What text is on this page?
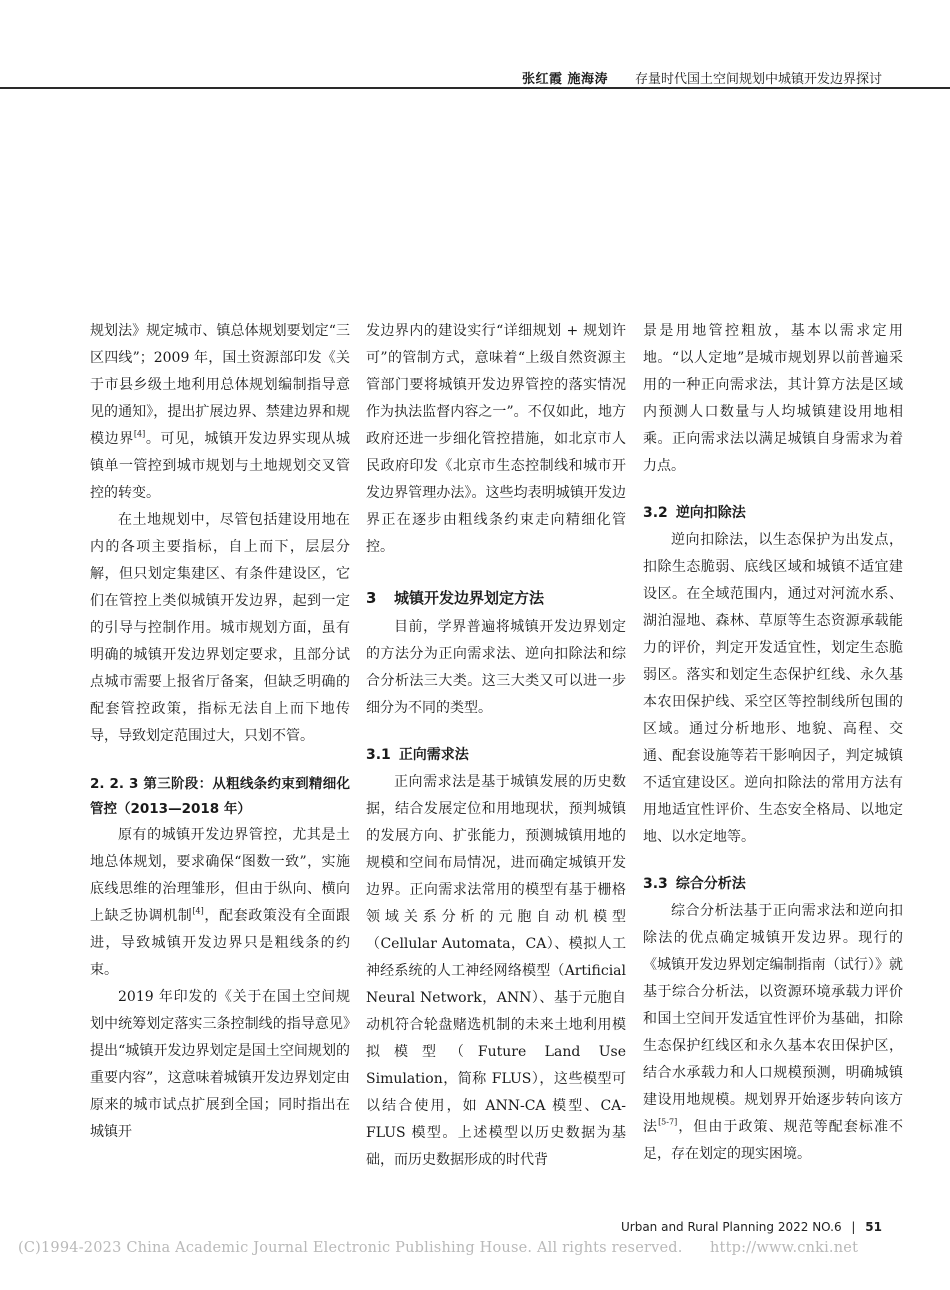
张红霞 施海涛 存量时代国土空间规划中城镇开发边界探讨

规划法》规定城市、镇总体规划要划定“三区四线”；2009 年，国土资源部印发《关于市县乡级土地利用总体规划编制指导意见的通知》，提出扩展边界、禁建边界和规模边界[4]。可见，城镇开发边界实现从城镇单一管控到城市规划与土地规划交叉管控的转变。

在土地规划中，尽管包括建设用地在内的各项主要指标，自上而下，层层分解，但只划定集建区、有条件建设区，它们在管控上类似城镇开发边界，起到一定的引导与控制作用。城市规划方面，虽有明确的城镇开发边界划定要求，且部分试点城市需要上报省厅备案，但缺乏明确的配套管控政策，指标无法自上而下地传导，导致划定范围过大，只划不管。

2. 2. 3 第三阶段：从粗线条约束到精细化管控（2013—2018 年）

原有的城镇开发边界管控，尤其是土地总体规划，要求确保“图数一致”，实施底线思维的治理雏形，但由于纵向、横向上缺乏协调机制[4]，配套政策没有全面跟进，导致城镇开发边界只是粗线条的约束。

2019 年印发的《关于在国土空间规划中统筹划定落实三条控制线的指导意见》提出“城镇开发边界划定是国土空间规划的重要内容”，这意味着城镇开发边界划定由原来的城市试点扩展到全国；同时指出在城镇开

发边界内的建设实行“详细规划 + 规划许可”的管制方式，意味着“上级自然资源主管部门要将城镇开发边界管控的落实情况作为执法监督内容之一”。不仅如此，地方政府还进一步细化管控措施，如北京市人民政府印发《北京市生态控制线和城市开发边界管理办法》。这些均表明城镇开发边界正在逐步由粗线条约束走向精细化管控。

3 城镇开发边界划定方法

目前，学界普遍将城镇开发边界划定的方法分为正向需求法、逆向扣除法和综合分析法三大类。这三大类又可以进一步细分为不同的类型。

3.1 正向需求法

正向需求法是基于城镇发展的历史数据，结合发展定位和用地现状，预判城镇的发展方向、扩张能力，预测城镇用地的规模和空间布局情况，进而确定城镇开发边界。正向需求法常用的模型有基于栅格领域关系分析的元胞自动机模型（Cellular Automata，CA）、模拟人工神经系统的人工神经网络模型（Artificial Neural Network，ANN）、基于元胞自动机符合轮盘赌选机制的未来土地利用模拟模型（Future Land Use Simulation，简称 FLUS），这些模型可以结合使用，如 ANN-CA 模型、CA-FLUS 模型。上述模型以历史数据为基础，而历史数据形成的时代背

景是用地管控粗放，基本以需求定用地。“以人定地”是城市规划界以前普遍采用的一种正向需求法，其计算方法是区域内预测人口数量与人均城镇建设用地相乘。正向需求法以满足城镇自身需求为着力点。

3.2 逆向扣除法

逆向扣除法，以生态保护为出发点，扣除生态脆弱、底线区域和城镇不适宜建设区。在全域范围内，通过对河流水系、湖泊湿地、森林、草原等生态资源承载能力的评价，判定开发适宜性，划定生态脆弱区。落实和划定生态保护红线、永久基本农田保护线、采空区等控制线所包围的区域。通过分析地形、地貌、高程、交通、配套设施等若干影响因子，判定城镇不适宜建设区。逆向扣除法的常用方法有用地适宜性评价、生态安全格局、以地定地、以水定地等。

3.3 综合分析法

综合分析法基于正向需求法和逆向扣除法的优点确定城镇开发边界。现行的《城镇开发边界划定编制指南（试行）》就基于综合分析法，以资源环境承载力评价和国土空间开发适宜性评价为基础，扣除生态保护红线区和永久基本农田保护区，结合水承载力和人口规模预测，明确城镇建设用地规模。规划界开始逐步转向该方法[5-7]，但由于政策、规范等配套标准不足，存在划定的现实困境。

Urban and Rural Planning 2022 NO.6 | 51
(C)1994-2023 China Academic Journal Electronic Publishing House. All rights reserved. http://www.cnki.net
